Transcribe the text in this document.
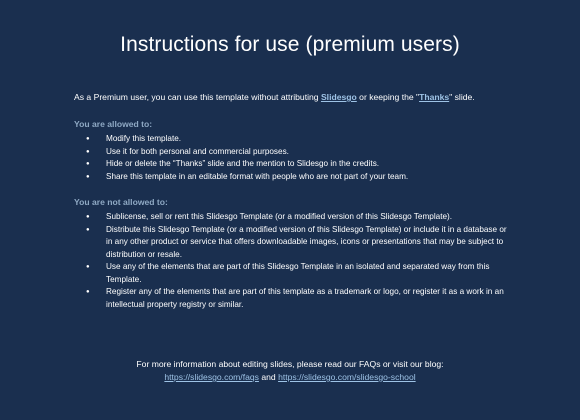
Instructions for use (premium users)

As a Premium user, you can use this template without attributing Slidesgo or keeping the "Thanks" slide.

You are allowed to:

● Modify this template.
● Use it for both personal and commercial purposes.
● Hide or delete the “Thanks” slide and the mention to Slidesgo in the credits.
● Share this template in an editable format with people who are not part of your team.

You are not allowed to:

● Sublicense, sell or rent this Slidesgo Template (or a modified version of this Slidesgo Template).
● Distribute this Slidesgo Template (or a modified version of this Slidesgo Template) or include it in a database or in any other product or service that offers downloadable images, icons or presentations that may be subject to distribution or resale.
● Use any of the elements that are part of this Slidesgo Template in an isolated and separated way from this Template.
● Register any of the elements that are part of this template as a trademark or logo, or register it as a work in an intellectual property registry or similar.

For more information about editing slides, please read our FAQs or visit our blog:

https://slidesgo.com/faqs and https://slidesgo.com/slidesgo-school
